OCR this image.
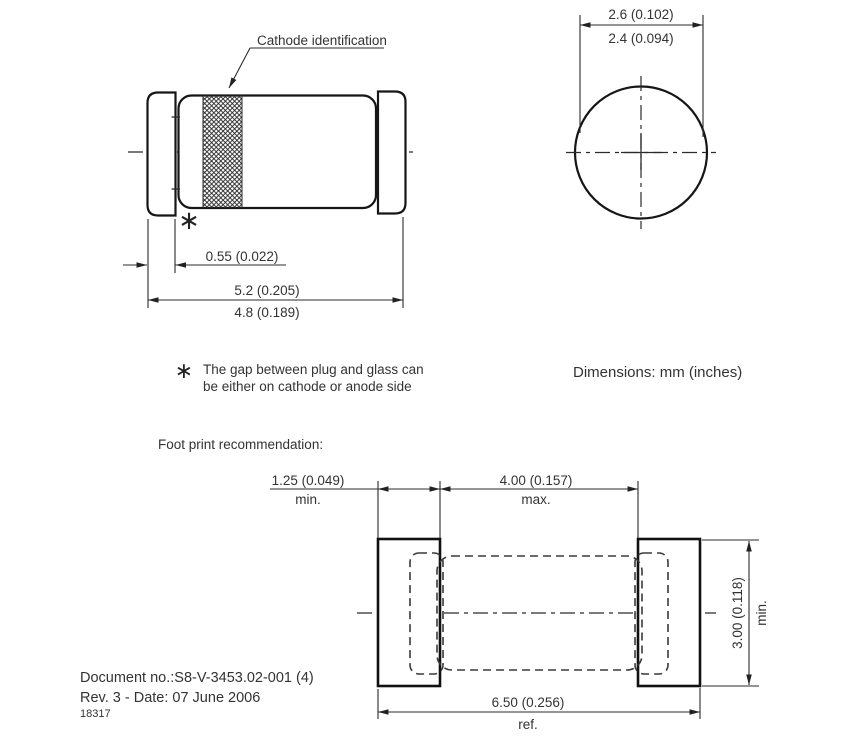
Cathode identification
∗
0.55 (0.022)
5.2 (0.205)
4.8 (0.189)
2.6 (0.102)
2.4 (0.094)
∗ The gap between plug and glass can
be either on cathode or anode side
Dimensions: mm (inches)
Foot print recommendation:
1.25 (0.049)
min.
4.00 (0.157)
max.
3.00 (0.118) min.
6.50 (0.256)
ref.
Document no.:S8-V-3453.02-001 (4)
Rev. 3 - Date: 07 June 2006
18317
